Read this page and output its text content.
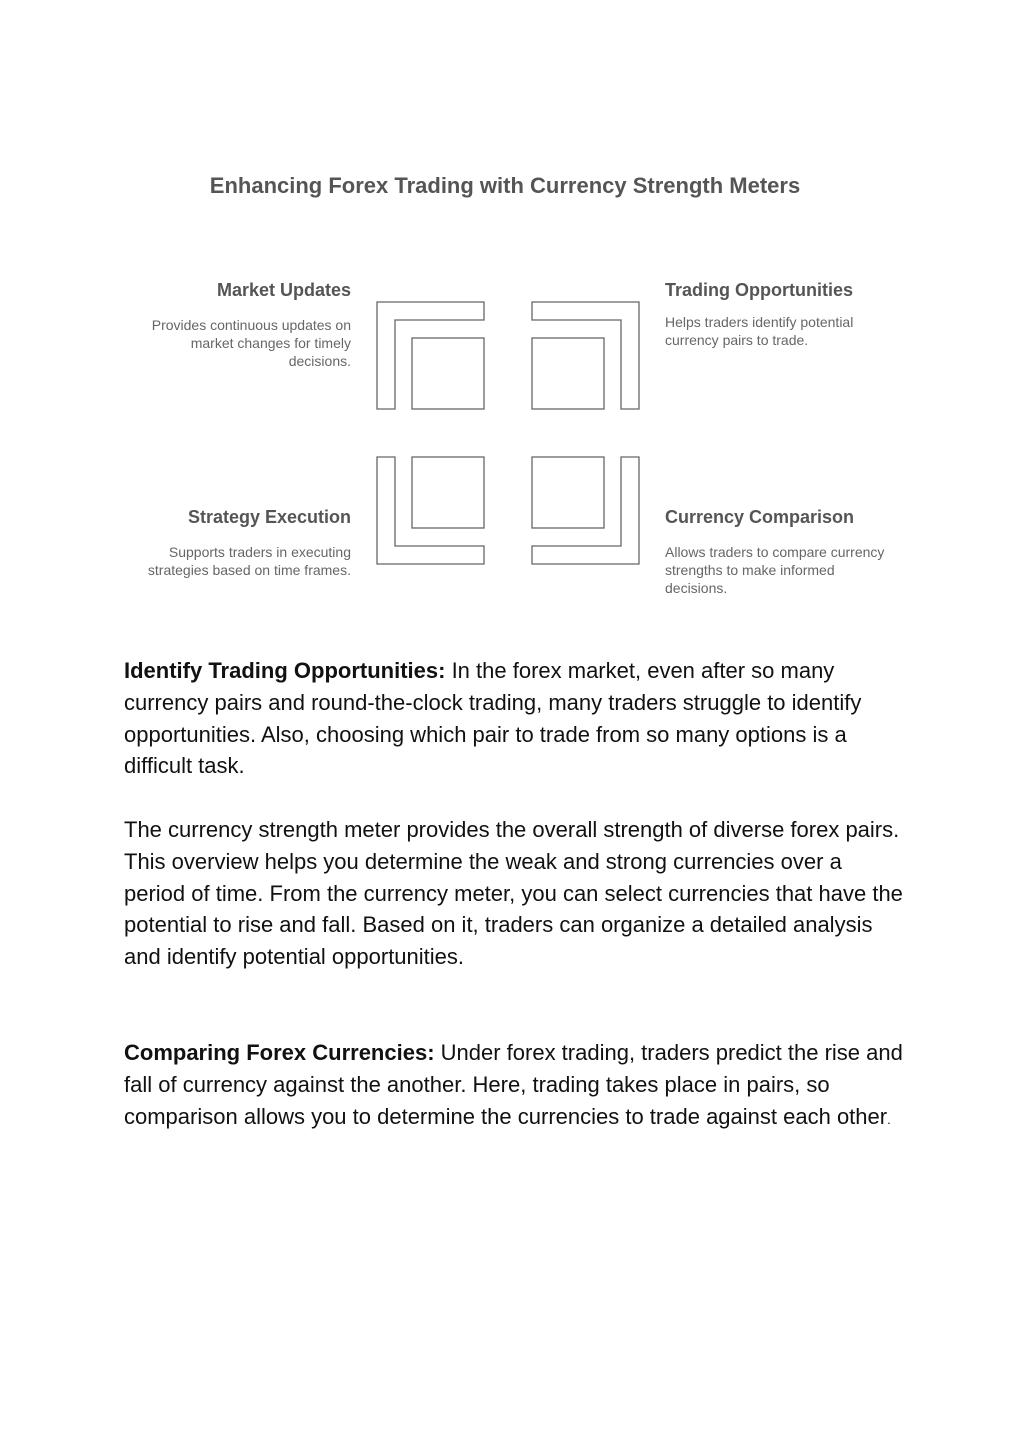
Enhancing Forex Trading with Currency Strength Meters
Market Updates
Provides continuous updates on market changes for timely decisions.
Trading Opportunities
Helps traders identify potential currency pairs to trade.
Strategy Execution
Supports traders in executing strategies based on time frames.
Currency Comparison
Allows traders to compare currency strengths to make informed decisions.

Identify Trading Opportunities: In the forex market, even after so many currency pairs and round-the-clock trading, many traders struggle to identify opportunities. Also, choosing which pair to trade from so many options is a difficult task.

The currency strength meter provides the overall strength of diverse forex pairs. This overview helps you determine the weak and strong currencies over a period of time. From the currency meter, you can select currencies that have the potential to rise and fall. Based on it, traders can organize a detailed analysis and identify potential opportunities.

Comparing Forex Currencies: Under forex trading, traders predict the rise and fall of currency against the another. Here, trading takes place in pairs, so comparison allows you to determine the currencies to trade against each other.
